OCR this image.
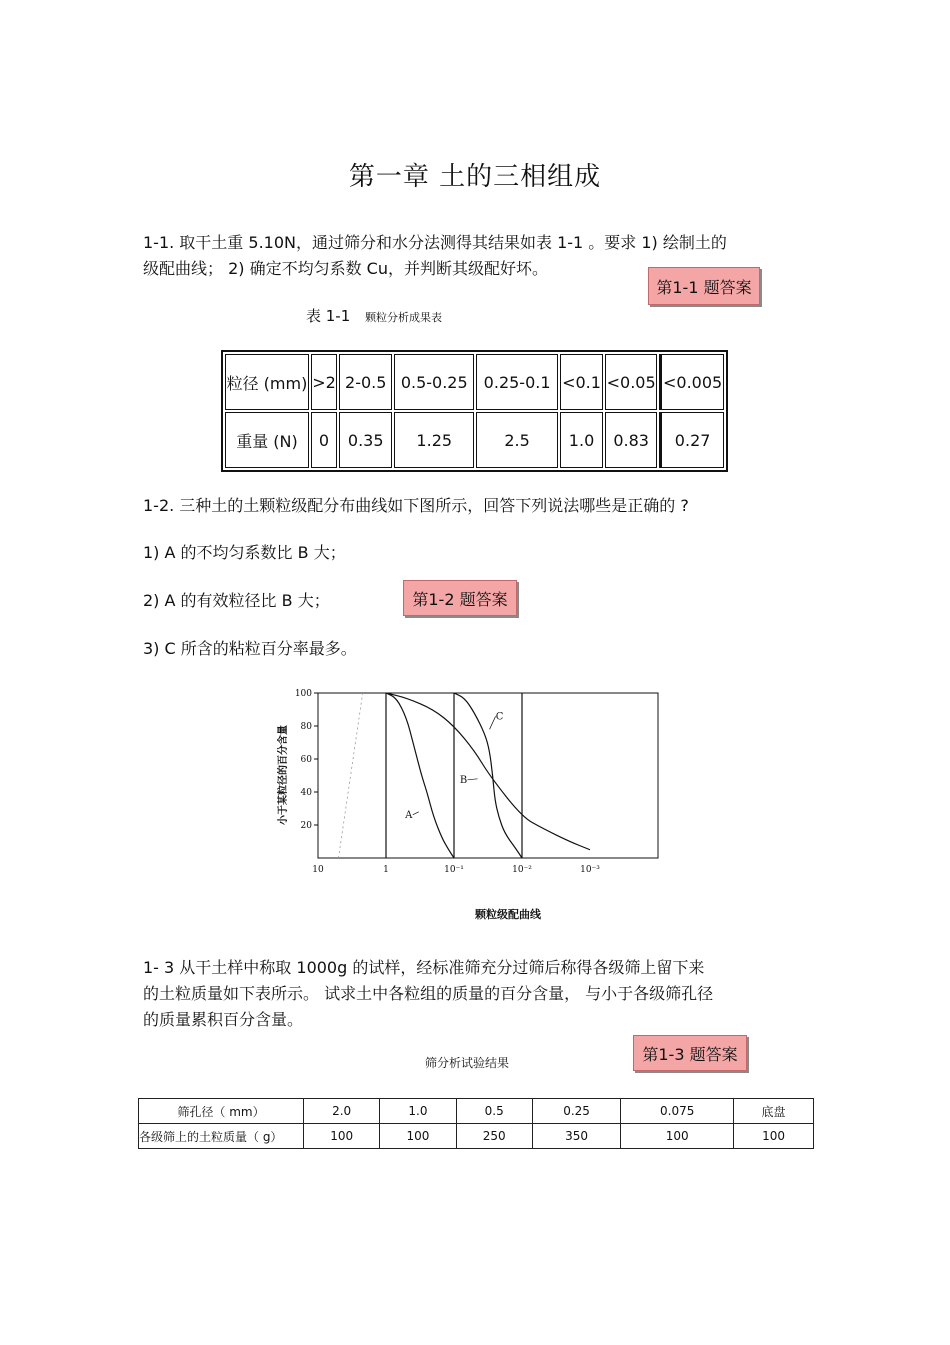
第一章 土的三相组成
1-1. 取干土重 5.10N，通过筛分和水分法测得其结果如表 1-1 。要求 1) 绘制土的
级配曲线； 2) 确定不均匀系数 Cu，并判断其级配好坏。
第1-1 题答案
表 1-1 颗粒分析成果表
粒径 (mm)	>2	2-0.5	0.5-0.25	0.25-0.1	<0.1	<0.05	<0.005
重量 (N)	0	0.35	1.25	2.5	1.0	0.83	0.27
1-2. 三种土的土颗粒级配分布曲线如下图所示，回答下列说法哪些是正确的 ?
1) A 的不均匀系数比 B 大；
2) A 的有效粒径比 B 大；	第1-2 题答案
3) C 所含的粘粒百分率最多。
小于某粒径的百分含量
颗粒级配曲线
100
80
60
40
20
10	1	10⁻¹	10⁻²	10⁻³
A
B
C
1- 3 从干土样中称取 1000g 的试样，经标准筛充分过筛后称得各级筛上留下来
的土粒质量如下表所示。 试求土中各粒组的质量的百分含量， 与小于各级筛孔径
的质量累积百分含量。
第1-3 题答案
筛分析试验结果
筛孔径（ mm）	2.0	1.0	0.5	0.25	0.075	底盘
各级筛上的土粒质量（ g）	100	100	250	350	100	100
